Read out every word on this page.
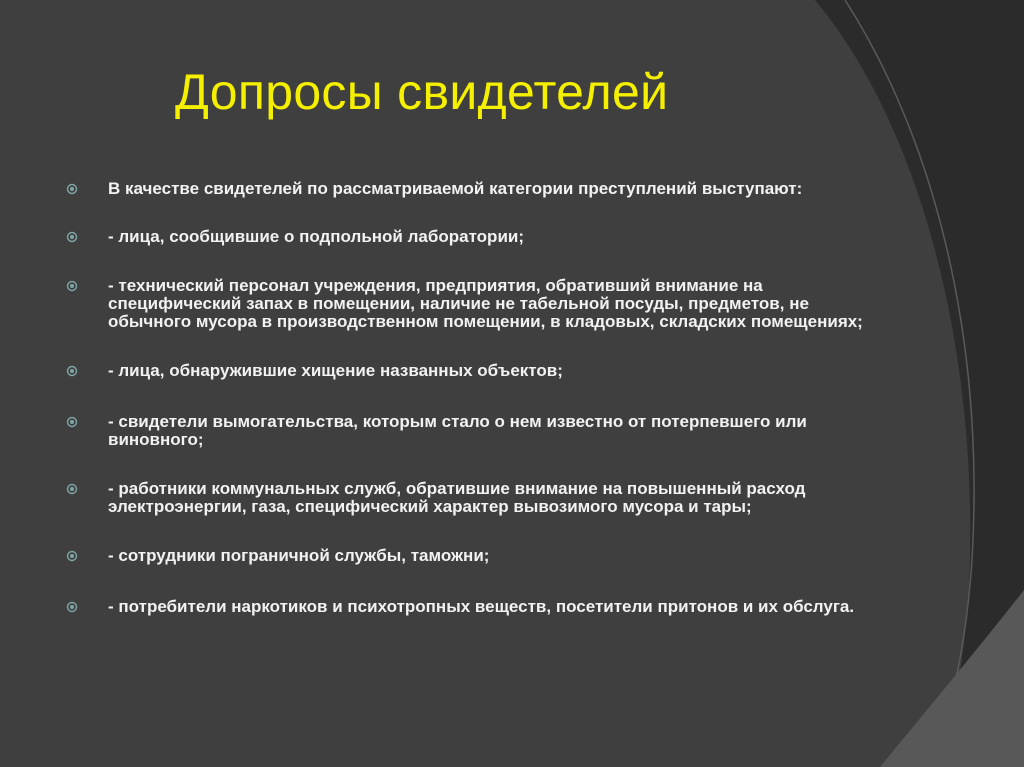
Допросы свидетелей
В качестве свидетелей по рассматриваемой категории преступлений выступают:
- лица, сообщившие о подпольной лаборатории;
- технический персонал учреждения, предприятия, обративший внимание на специфический запах в помещении, наличие не табельной посуды, предметов, не обычного мусора в производственном помещении, в кладовых, складских помещениях;
- лица, обнаружившие хищение названных объектов;
- свидетели вымогательства, которым стало о нем известно от потерпевшего или виновного;
- работники коммунальных служб, обратившие внимание на повышенный расход электроэнергии, газа, специфический характер вывозимого мусора и тары;
- сотрудники пограничной службы, таможни;
- потребители наркотиков и психотропных веществ, посетители притонов и их обслуга.
